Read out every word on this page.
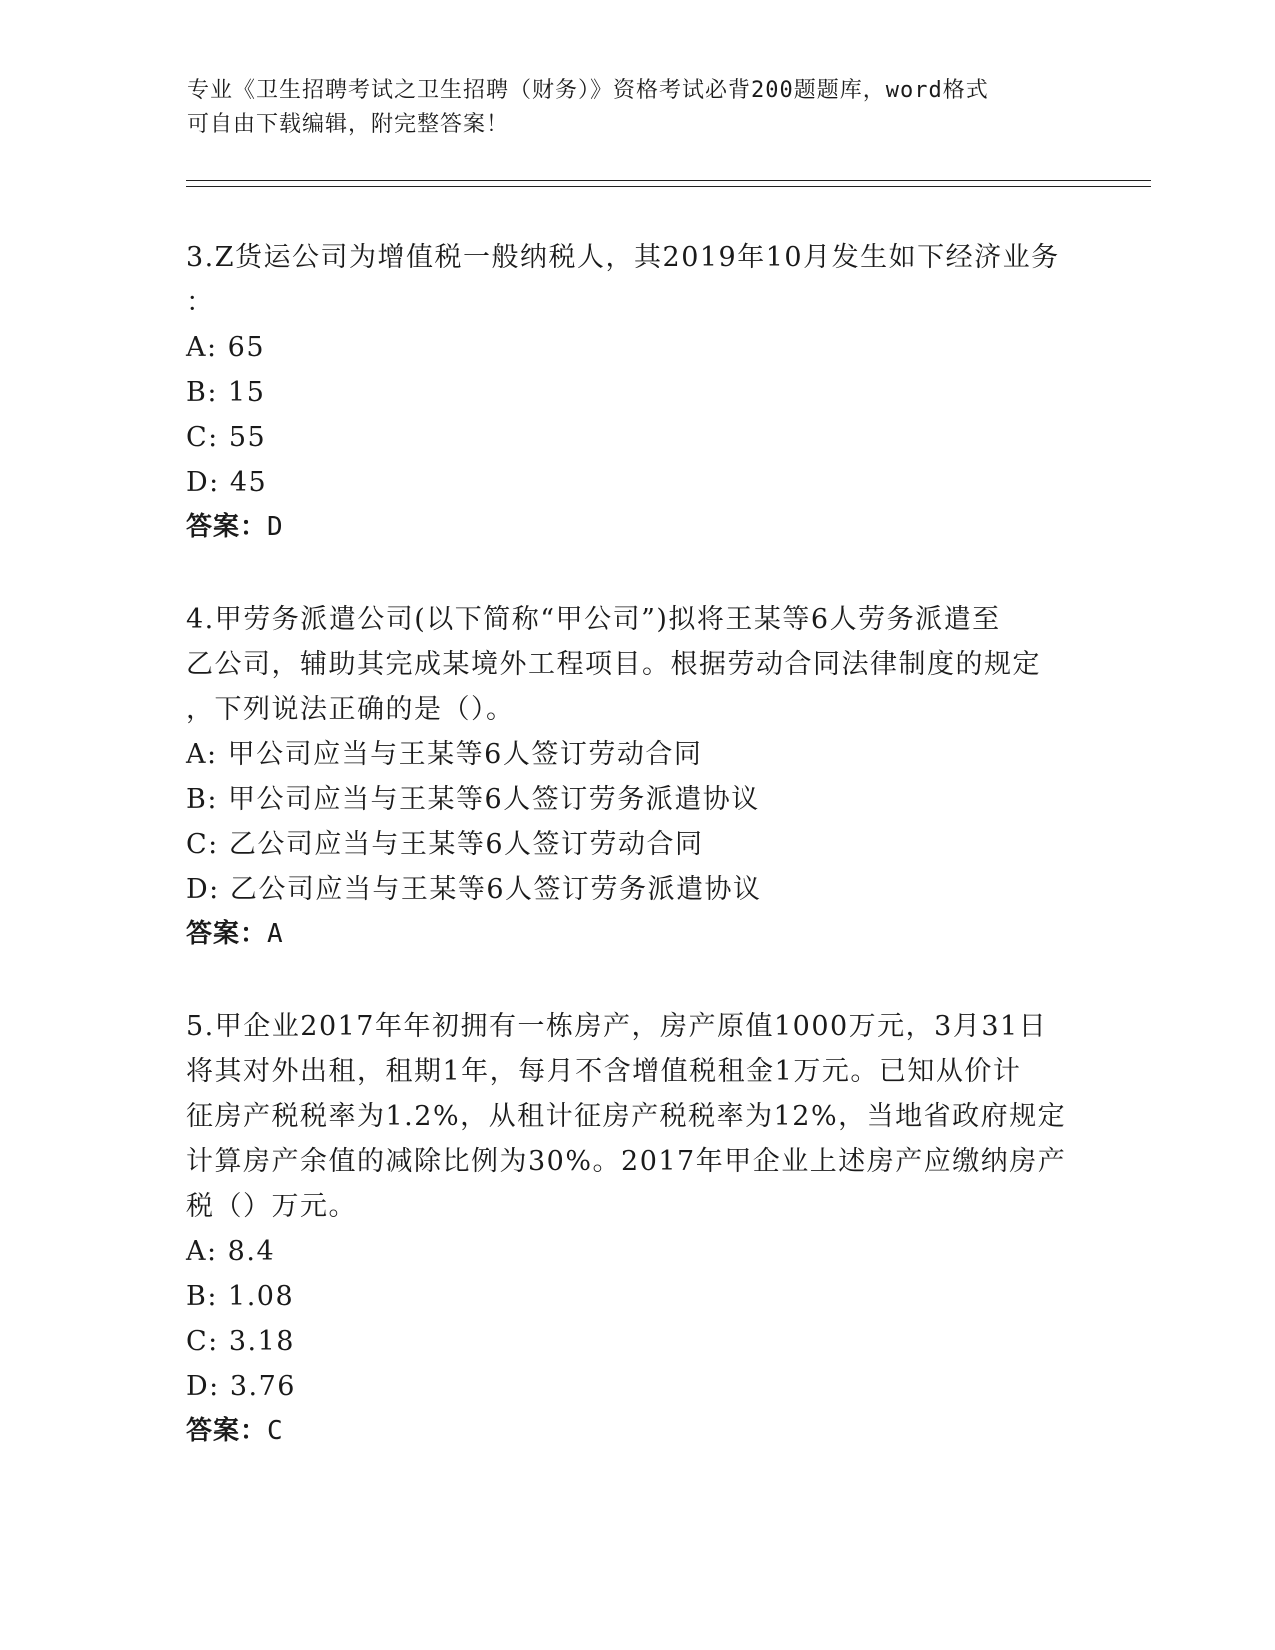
专业《卫生招聘考试之卫生招聘（财务）》资格考试必背200题题库，word格式
可自由下载编辑，附完整答案！
3.Z货运公司为增值税一般纳税人，其2019年10月发生如下经济业务
：
A: 65
B: 15
C: 55
D: 45
答案：D
4.甲劳务派遣公司(以下简称“甲公司”)拟将王某等6人劳务派遣至
乙公司，辅助其完成某境外工程项目。根据劳动合同法律制度的规定
，下列说法正确的是（）。
A: 甲公司应当与王某等6人签订劳动合同
B: 甲公司应当与王某等6人签订劳务派遣协议
C: 乙公司应当与王某等6人签订劳动合同
D: 乙公司应当与王某等6人签订劳务派遣协议
答案：A
5.甲企业2017年年初拥有一栋房产，房产原值1000万元，3月31日
将其对外出租，租期1年，每月不含增值税租金1万元。已知从价计
征房产税税率为1.2%，从租计征房产税税率为12%，当地省政府规定
计算房产余值的减除比例为30%。2017年甲企业上述房产应缴纳房产
税（）万元。
A: 8.4
B: 1.08
C: 3.18
D: 3.76
答案：C
